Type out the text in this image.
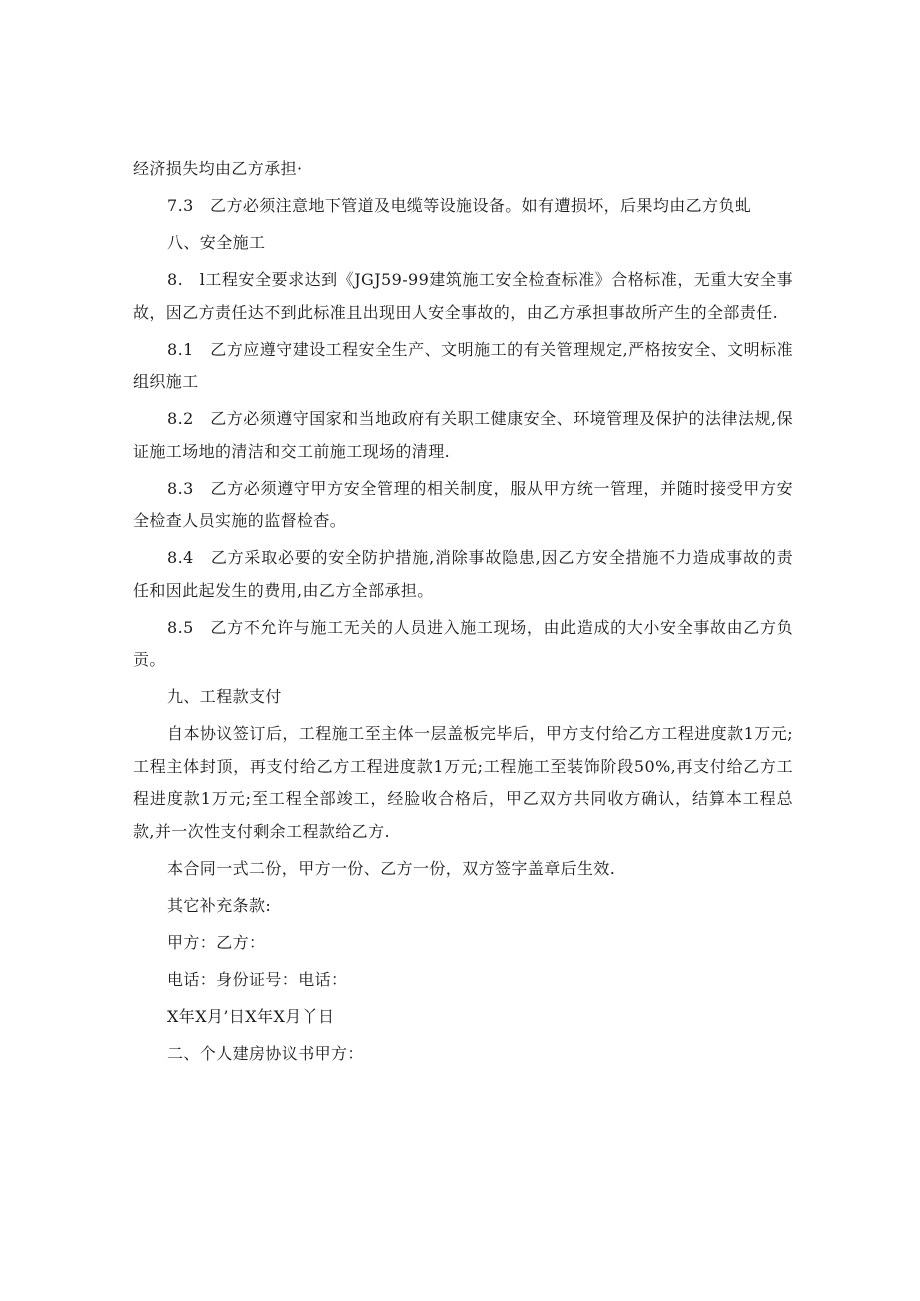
经济损失均由乙方承担·

7.3　乙方必须注意地下管道及电缆等设施设备。如有遭损坏，后果均由乙方负虬

八、安全施工

8.　l工程安全要求达到《JGJ59-99建筑施工安全检查标准》合格标准，无重大安全事故，因乙方责任达不到此标准且出现田人安全事故的，由乙方承担事故所产生的全部责任.

8.1　乙方应遵守建设工程安全生产、文明施工的有关管理规定,严格按安全、文明标准组织施工

8.2　乙方必须遵守国家和当地政府有关职工健康安全、环境管理及保护的法律法规,保证施工场地的清洁和交工前施工现场的清理.

8.3　乙方必须遵守甲方安全管理的相关制度，服从甲方统一管理，并随时接受甲方安全检查人员实施的监督检杳。

8.4　乙方采取必要的安全防护措施,消除事故隐患,因乙方安全措施不力造成事故的责任和因此起发生的费用,由乙方全部承担。

8.5　乙方不允许与施工无关的人员进入施工现场，由此造成的大小安全事故由乙方负贡。

九、工程款支付

自本协议签订后，工程施工至主体一层盖板完毕后，甲方支付给乙方工程进度款1万元;工程主体封顶，再支付给乙方工程进度款1万元;工程施工至装饰阶段50%,再支付给乙方工程进度款1万元;至工程全部竣工，经脸收合格后，甲乙双方共同收方确认，结算本工程总款,并一次性支付剩余工程款给乙方.

本合同一式二份，甲方一份、乙方一份，双方签字盖章后生效.

其它补充条款:

甲方：乙方：

电话：身份证号：电话：

X年X月’日X年X月丫日

二、个人建房协议书甲方：
